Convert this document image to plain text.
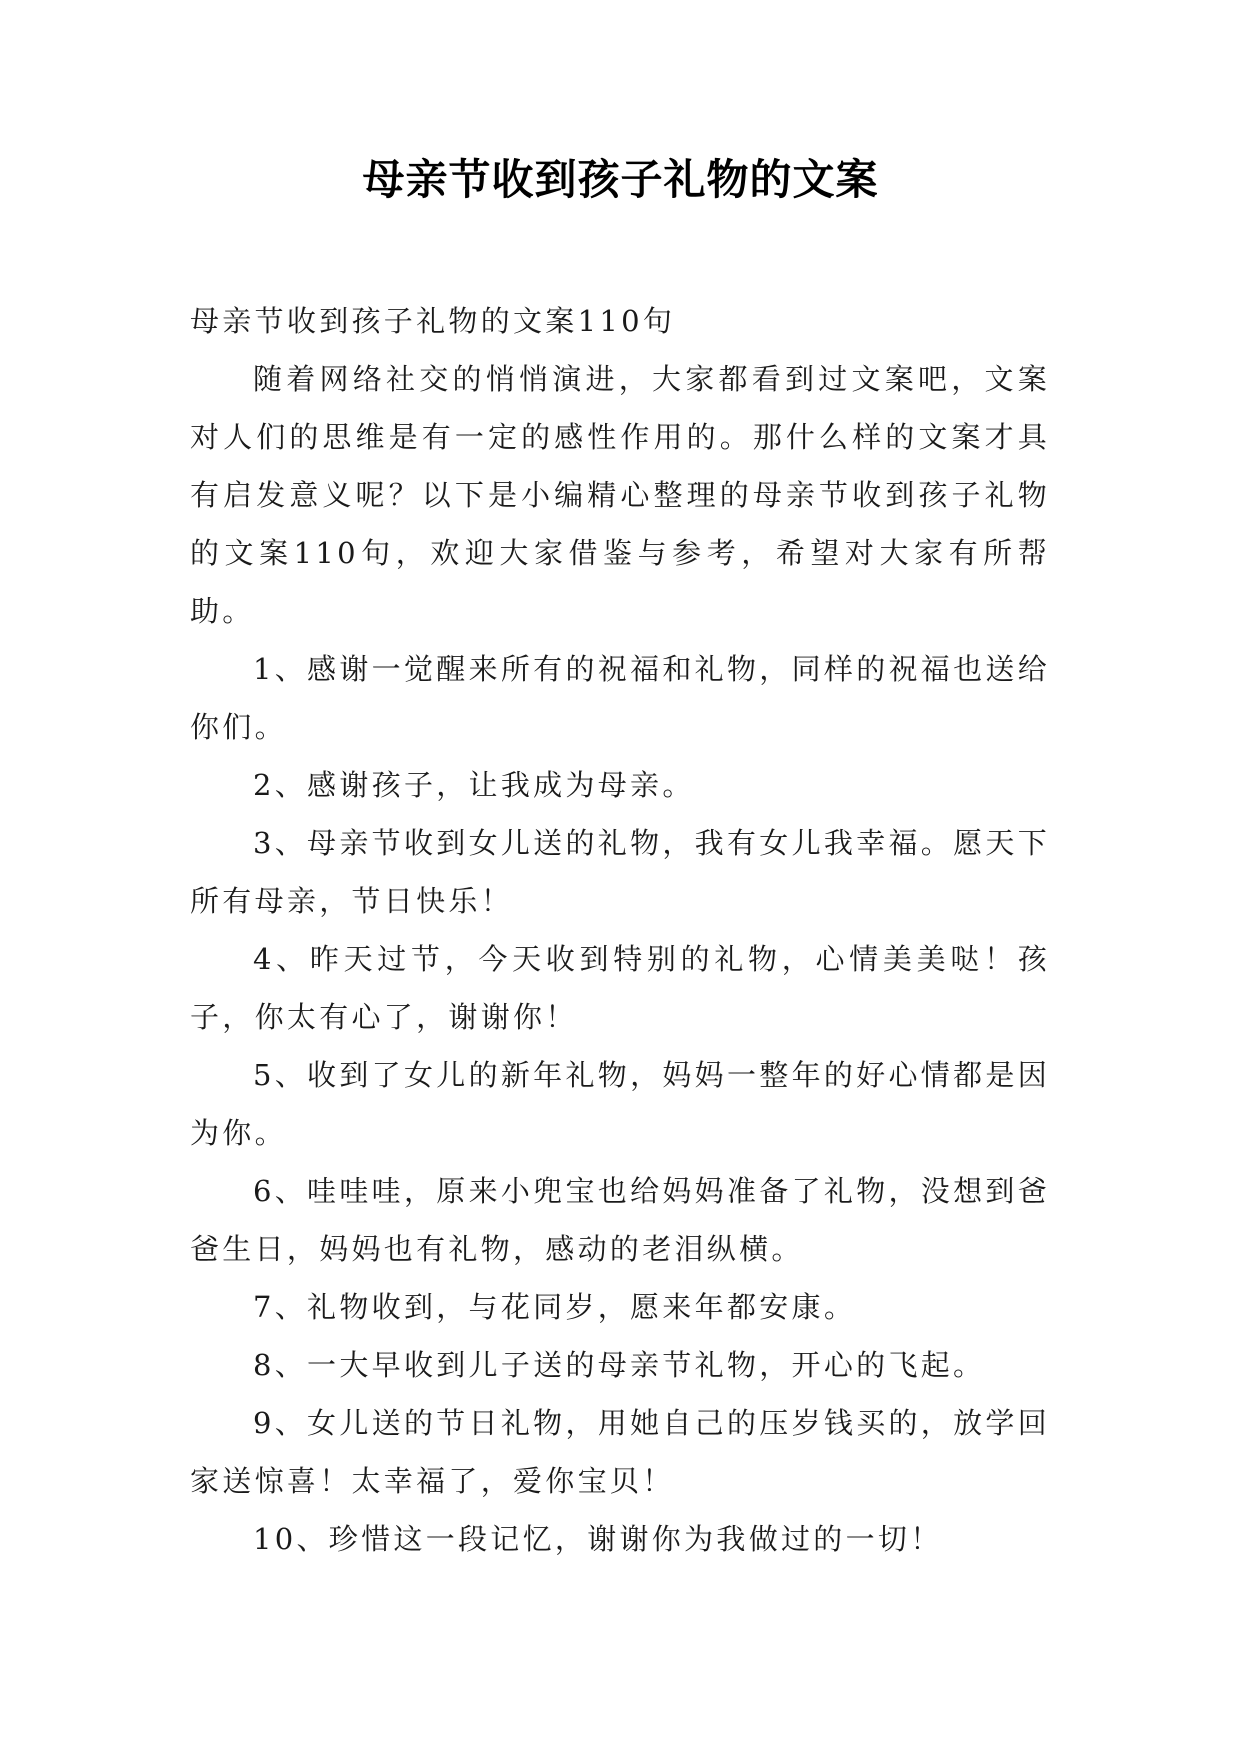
母亲节收到孩子礼物的文案

母亲节收到孩子礼物的文案110句

随着网络社交的悄悄演进，大家都看到过文案吧，文案对人们的思维是有一定的感性作用的。那什么样的文案才具有启发意义呢？以下是小编精心整理的母亲节收到孩子礼物的文案110句，欢迎大家借鉴与参考，希望对大家有所帮助。

1、感谢一觉醒来所有的祝福和礼物，同样的祝福也送给你们。

2、感谢孩子，让我成为母亲。

3、母亲节收到女儿送的礼物，我有女儿我幸福。愿天下所有母亲，节日快乐！

4、昨天过节，今天收到特别的礼物，心情美美哒！孩子，你太有心了，谢谢你！

5、收到了女儿的新年礼物，妈妈一整年的好心情都是因为你。

6、哇哇哇，原来小兜宝也给妈妈准备了礼物，没想到爸爸生日，妈妈也有礼物，感动的老泪纵横。

7、礼物收到，与花同岁，愿来年都安康。

8、一大早收到儿子送的母亲节礼物，开心的飞起。

9、女儿送的节日礼物，用她自己的压岁钱买的，放学回家送惊喜！太幸福了，爱你宝贝！

10、珍惜这一段记忆，谢谢你为我做过的一切！
